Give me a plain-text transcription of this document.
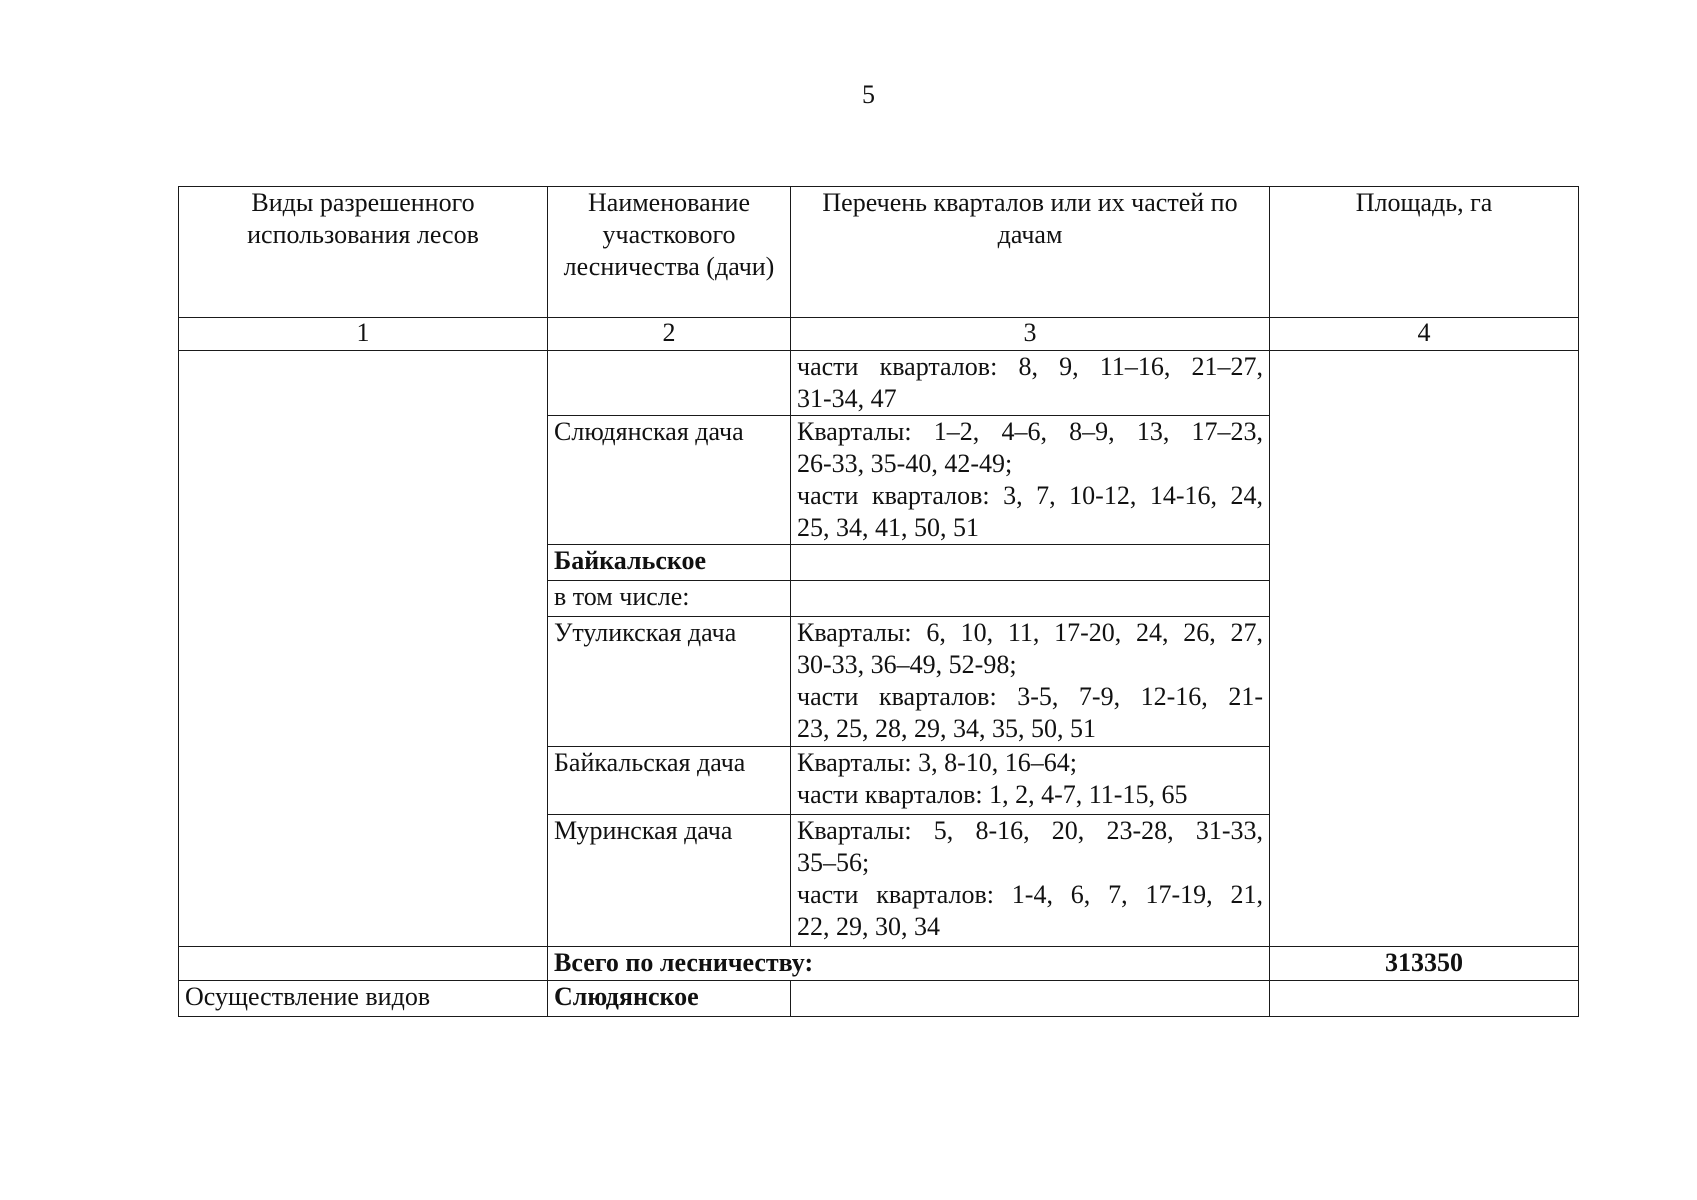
5
Виды разрешенного использования лесов	Наименование участкового лесничества (дачи)	Перечень кварталов или их частей по дачам	Площадь, га
1	2	3	4

		части кварталов: 8, 9, 11–16, 21–27,
31-34, 47	

	Слюдянская дача	Кварталы: 1–2, 4–6, 8–9, 13, 17–23,
26-33, 35-40, 42-49;
части кварталов: 3, 7, 10-12, 14-16, 24,
25, 34, 41, 50, 51	

	Байкальское		
	в том числе:		
	Утуликская дача	Кварталы: 6, 10, 11, 17-20, 24, 26, 27,
30-33, 36–49, 52-98;
части кварталов: 3-5, 7-9, 12-16, 21-
23, 25, 28, 29, 34, 35, 50, 51	

	Байкальская дача	Кварталы: 3, 8-10, 16–64;
части кварталов: 1, 2, 4-7, 11-15, 65	

	Муринская дача	Кварталы: 5, 8-16, 20, 23-28, 31-33,
35–56;
части кварталов: 1-4, 6, 7, 17-19, 21,
22, 29, 30, 34	

	Всего по лесничеству:		313350
Осуществление видов	Слюдянское		
